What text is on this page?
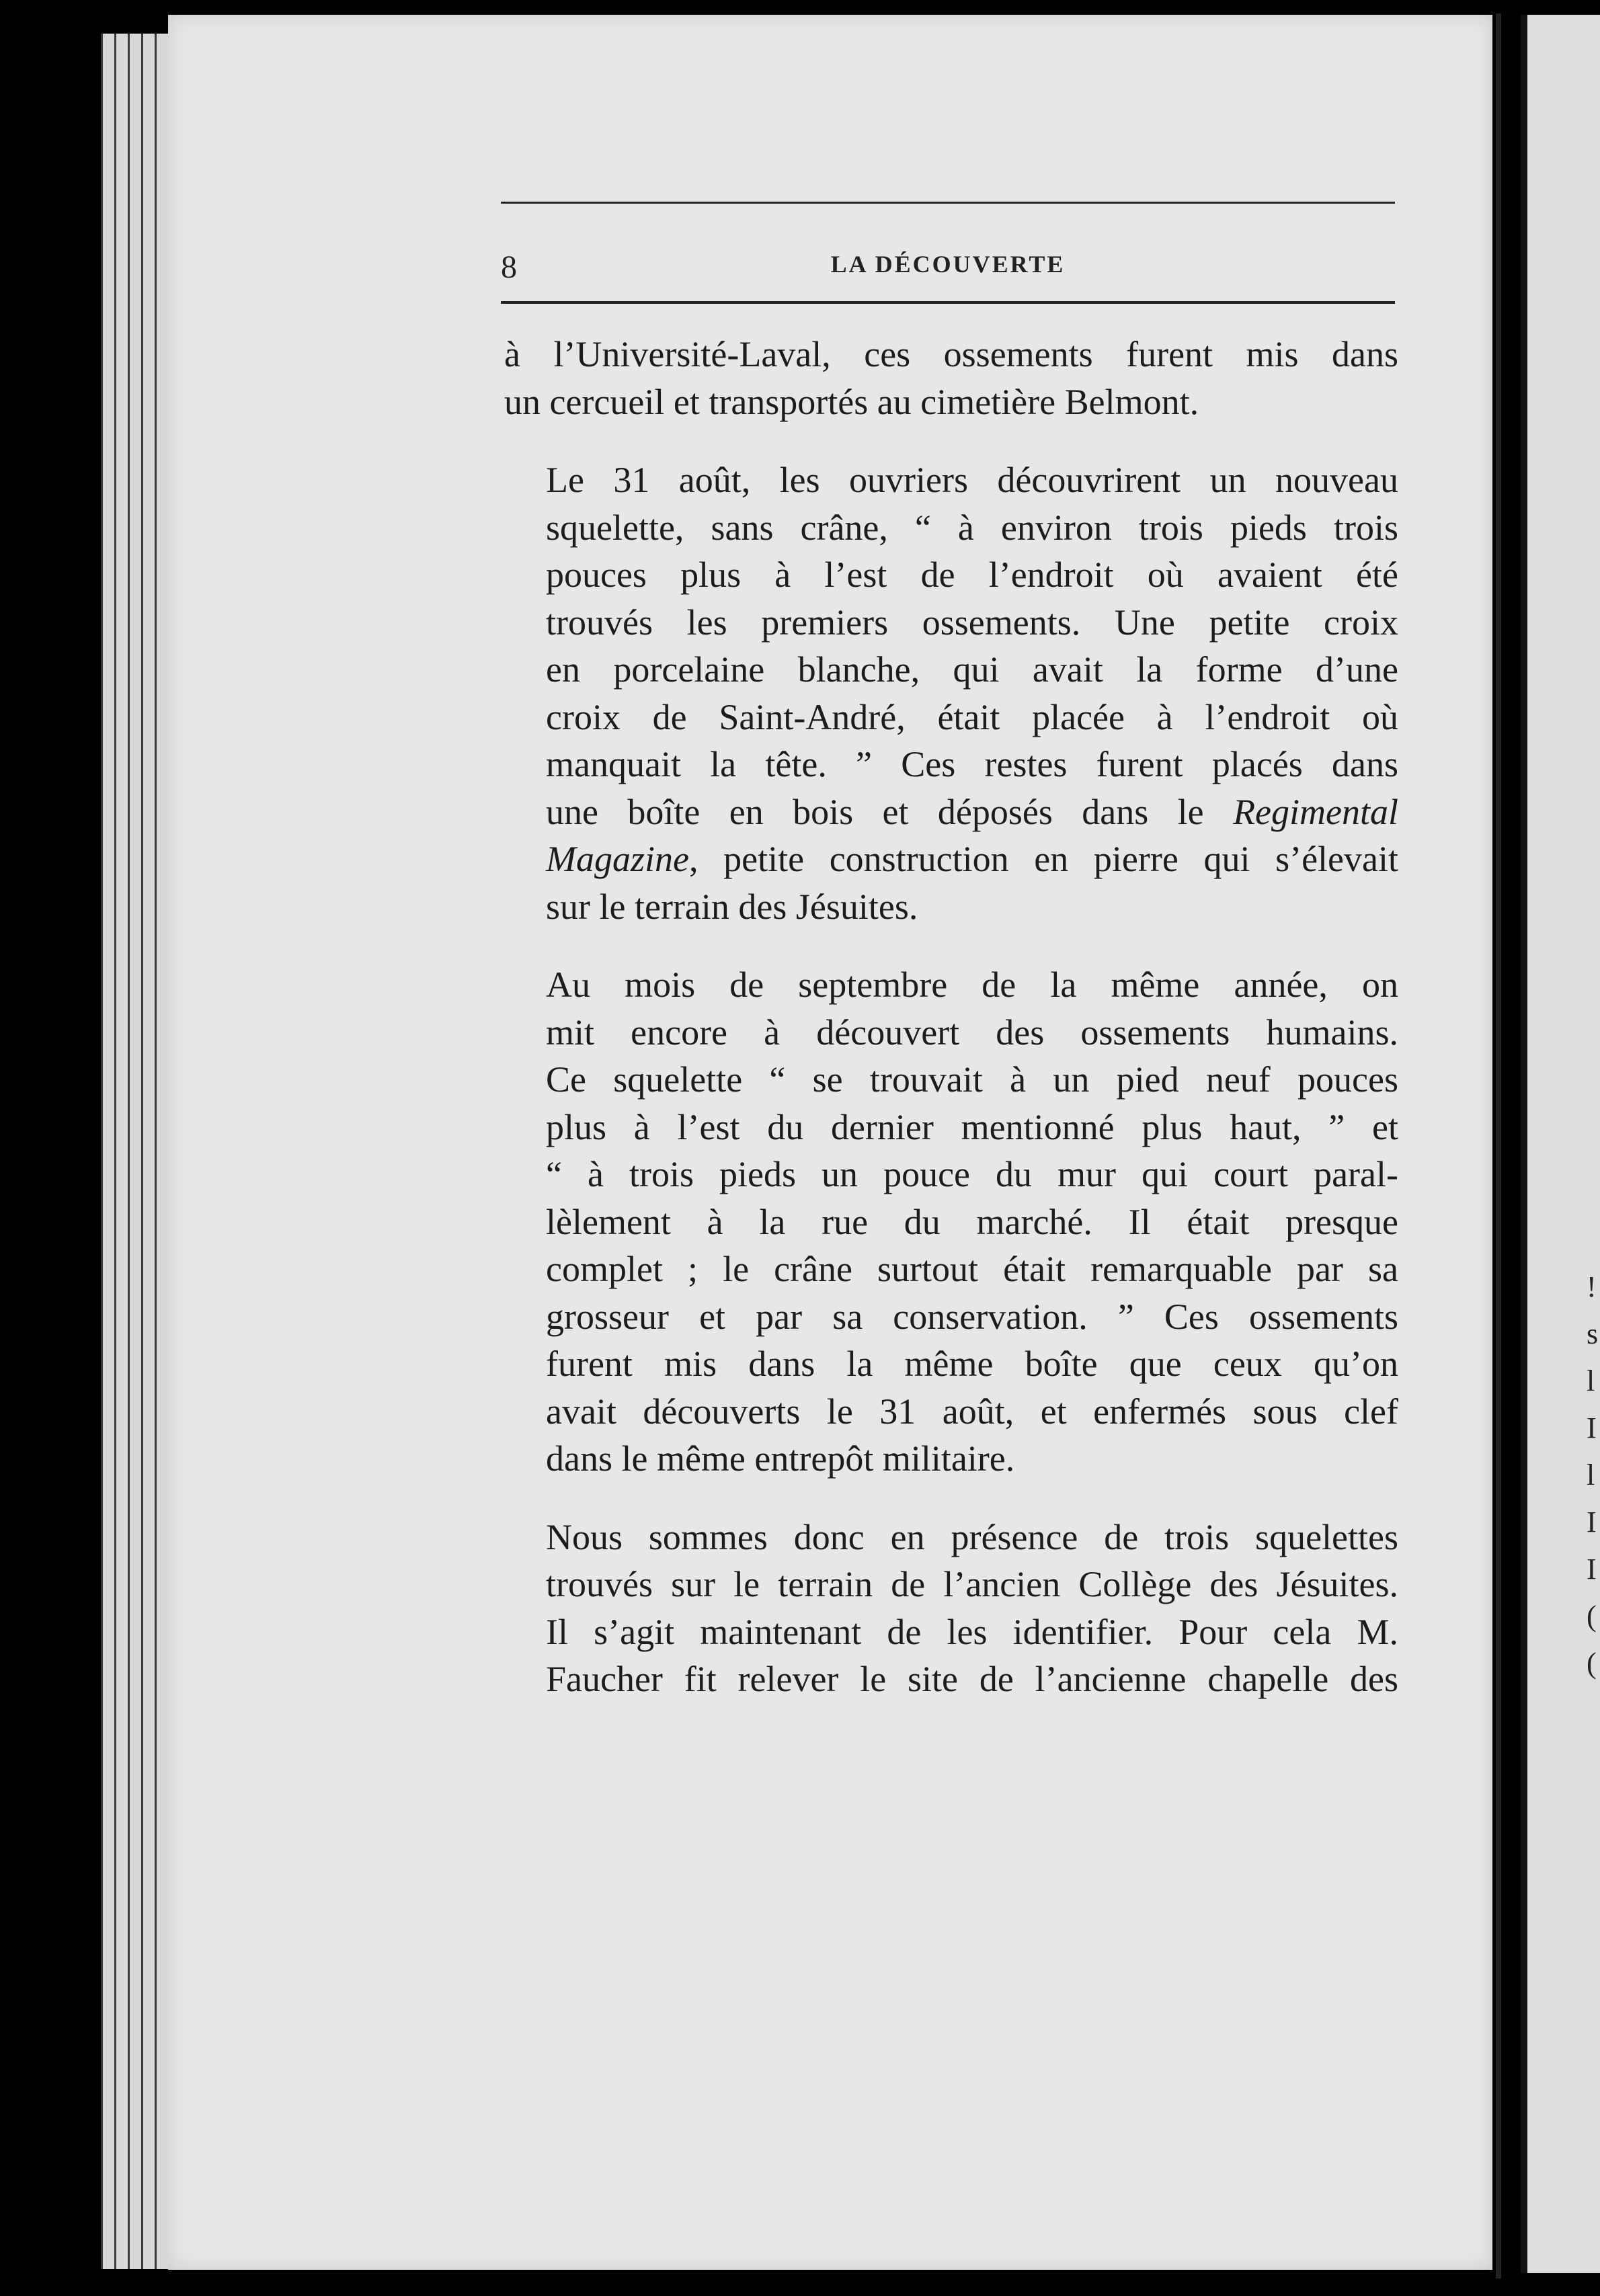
8	LA DÉCOUVERTE

à l’Université-Laval, ces ossements furent mis dans
un cercueil et transportés au cimetière Belmont.

Le 31 août, les ouvriers découvrirent un nouveau
squelette, sans crâne, “ à environ trois pieds trois
pouces plus à l’est de l’endroit où avaient été
trouvés les premiers ossements. Une petite croix
en porcelaine blanche, qui avait la forme d’une
croix de Saint-André, était placée à l’endroit où
manquait la tête. ” Ces restes furent placés dans
une boîte en bois et déposés dans le Regimental
Magazine, petite construction en pierre qui s’élevait
sur le terrain des Jésuites.

Au mois de septembre de la même année, on
mit encore à découvert des ossements humains.
Ce squelette “ se trouvait à un pied neuf pouces
plus à l’est du dernier mentionné plus haut, ” et
“ à trois pieds un pouce du mur qui court paral-
lèlement à la rue du marché. Il était presque
complet ; le crâne surtout était remarquable par sa
grosseur et par sa conservation. ” Ces ossements
furent mis dans la même boîte que ceux qu’on
avait découverts le 31 août, et enfermés sous clef
dans le même entrepôt militaire.

Nous sommes donc en présence de trois squelettes
trouvés sur le terrain de l’ancien Collège des Jésuites.
Il s’agit maintenant de les identifier. Pour cela M.
Faucher fit relever le site de l’ancienne chapelle des

!
s
l
I
l
I
I
(
(
